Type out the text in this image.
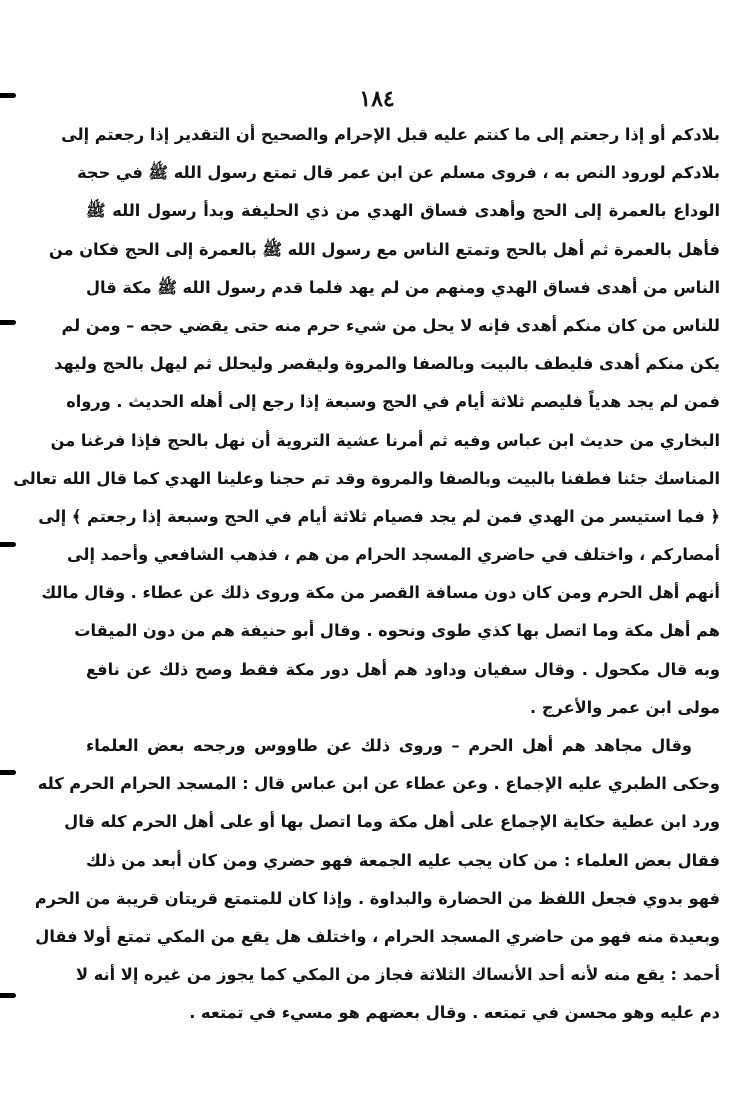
١٨٤
بلادكم أو إذا رجعتم إلى ما كنتم عليه قبل الإحرام والصحيح أن التقدير إذا رجعتم إلى
بلادكم لورود النص به ، فروى مسلم عن ابن عمر قال تمتع رسول الله ﷺ في حجة
الوداع بالعمرة إلى الحج وأهدى فساق الهدي من ذي الحليفة وبدأ رسول الله ﷺ
فأهل بالعمرة ثم أهل بالحج وتمتع الناس مع رسول الله ﷺ بالعمرة إلى الحج فكان من
الناس من أهدى فساق الهدي ومنهم من لم يهد فلما قدم رسول الله ﷺ مكة قال
للناس من كان منكم أهدى فإنه لا يحل من شيء حرم منه حتى يقضي حجه – ومن لم
يكن منكم أهدى فليطف بالبيت وبالصفا والمروة وليقصر وليحلل ثم ليهل بالحج وليهد
فمن لم يجد هدياً فليصم ثلاثة أيام في الحج وسبعة إذا رجع إلى أهله الحديث . ورواه
البخاري من حديث ابن عباس وفيه ثم أمرنا عشية التروية أن نهل بالحج فإذا فرغنا من
المناسك جئنا فطفنا بالبيت وبالصفا والمروة وقد تم حجنا وعلينا الهدي كما قال الله تعالى
﴿ فما استيسر من الهدي فمن لم يجد فصيام ثلاثة أيام في الحج وسبعة إذا رجعتم ﴾ إلى
أمصاركم ، واختلف في حاضري المسجد الحرام من هم ، فذهب الشافعي وأحمد إلى
أنهم أهل الحرم ومن كان دون مسافة القصر من مكة وروى ذلك عن عطاء . وقال مالك
هم أهل مكة وما اتصل بها كذي طوى ونحوه . وقال أبو حنيفة هم من دون الميقات
وبه قال مكحول . وقال سفيان وداود هم أهل دور مكة فقط وصح ذلك عن نافع
مولى ابن عمر والأعرج .
وقال مجاهد هم أهل الحرم – وروى ذلك عن طاووس ورجحه بعض العلماء
وحكى الطبري عليه الإجماع . وعن عطاء عن ابن عباس قال : المسجد الحرام الحرم كله
ورد ابن عطية حكاية الإجماع على أهل مكة وما اتصل بها أو على أهل الحرم كله قال
فقال بعض العلماء : من كان يجب عليه الجمعة فهو حضري ومن كان أبعد من ذلك
فهو بدوي فجعل اللفظ من الحضارة والبداوة . وإذا كان للمتمتع قريتان قريبة من الحرم
وبعيدة منه فهو من حاضري المسجد الحرام ، واختلف هل يقع من المكي تمتع أولا فقال
أحمد : يقع منه لأنه أحد الأنساك الثلاثة فجاز من المكي كما يجوز من غيره إلا أنه لا
دم عليه وهو محسن في تمتعه . وقال بعضهم هو مسيء في تمتعه .
